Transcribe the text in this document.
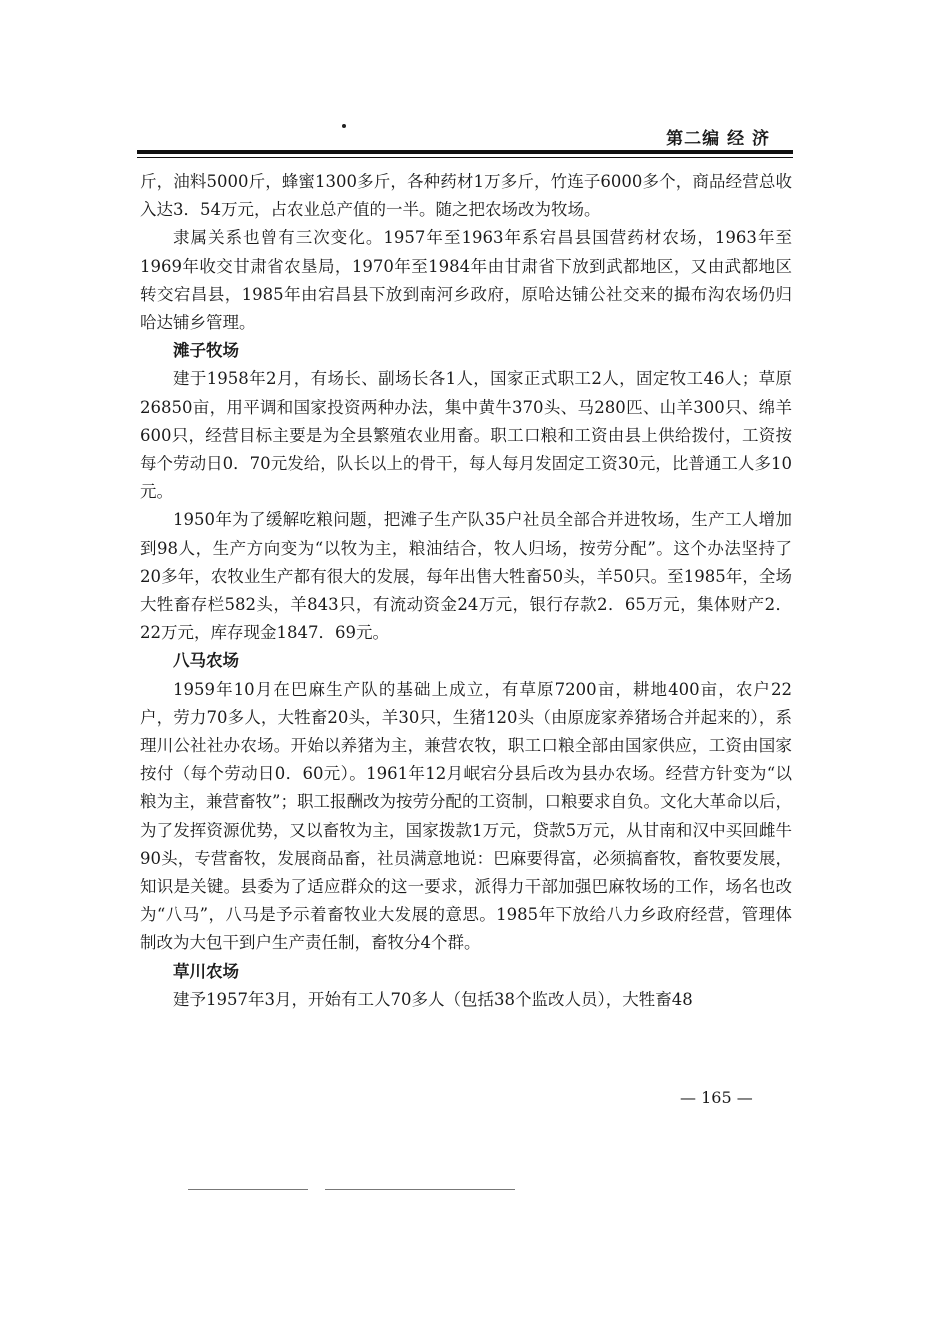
第二编 经 济

斤，油料5000斤，蜂蜜1300多斤，各种药材1万多斤，竹连子6000多个，商品经营总收入达3．54万元，占农业总产值的一半。随之把农场改为牧场。

隶属关系也曾有三次变化。1957年至1963年系宕昌县国营药材农场，1963年至1969年收交甘肃省农垦局，1970年至1984年由甘肃省下放到武都地区，又由武都地区转交宕昌县，1985年由宕昌县下放到南河乡政府，原哈达铺公社交来的撮布沟农场仍归哈达铺乡管理。

滩子牧场

建于1958年2月，有场长、副场长各1人，国家正式职工2人，固定牧工46人；草原26850亩，用平调和国家投资两种办法，集中黄牛370头、马280匹、山羊300只、绵羊600只，经营目标主要是为全县繁殖农业用畜。职工口粮和工资由县上供给拨付，工资按每个劳动日0．70元发给，队长以上的骨干，每人每月发固定工资30元，比普通工人多10元。

1950年为了缓解吃粮问题，把滩子生产队35户社员全部合并进牧场，生产工人增加到98人，生产方向变为“以牧为主，粮油结合，牧人归场，按劳分配”。这个办法坚持了20多年，农牧业生产都有很大的发展，每年出售大牲畜50头，羊50只。至1985年，全场大牲畜存栏582头，羊843只，有流动资金24万元，银行存款2．65万元，集体财产2．22万元，库存现金1847．69元。

八马农场

1959年10月在巴麻生产队的基础上成立，有草原7200亩，耕地400亩，农户22户，劳力70多人，大牲畜20头，羊30只，生猪120头（由原庞家养猪场合并起来的），系理川公社社办农场。开始以养猪为主，兼营农牧，职工口粮全部由国家供应，工资由国家按付（每个劳动日0．60元）。1961年12月岷宕分县后改为县办农场。经营方针变为“以粮为主，兼营畜牧”；职工报酬改为按劳分配的工资制，口粮要求自负。文化大革命以后，为了发挥资源优势，又以畜牧为主，国家拨款1万元，贷款5万元，从甘南和汉中买回雌牛90头，专营畜牧，发展商品畜，社员满意地说：巴麻要得富，必须搞畜牧，畜牧要发展，知识是关键。县委为了适应群众的这一要求，派得力干部加强巴麻牧场的工作，场名也改为“八马”，八马是予示着畜牧业大发展的意思。1985年下放给八力乡政府经营，管理体制改为大包干到户生产责任制，畜牧分4个群。

草川农场

建予1957年3月，开始有工人70多人（包括38个监改人员），大牲畜48

— 165 —
